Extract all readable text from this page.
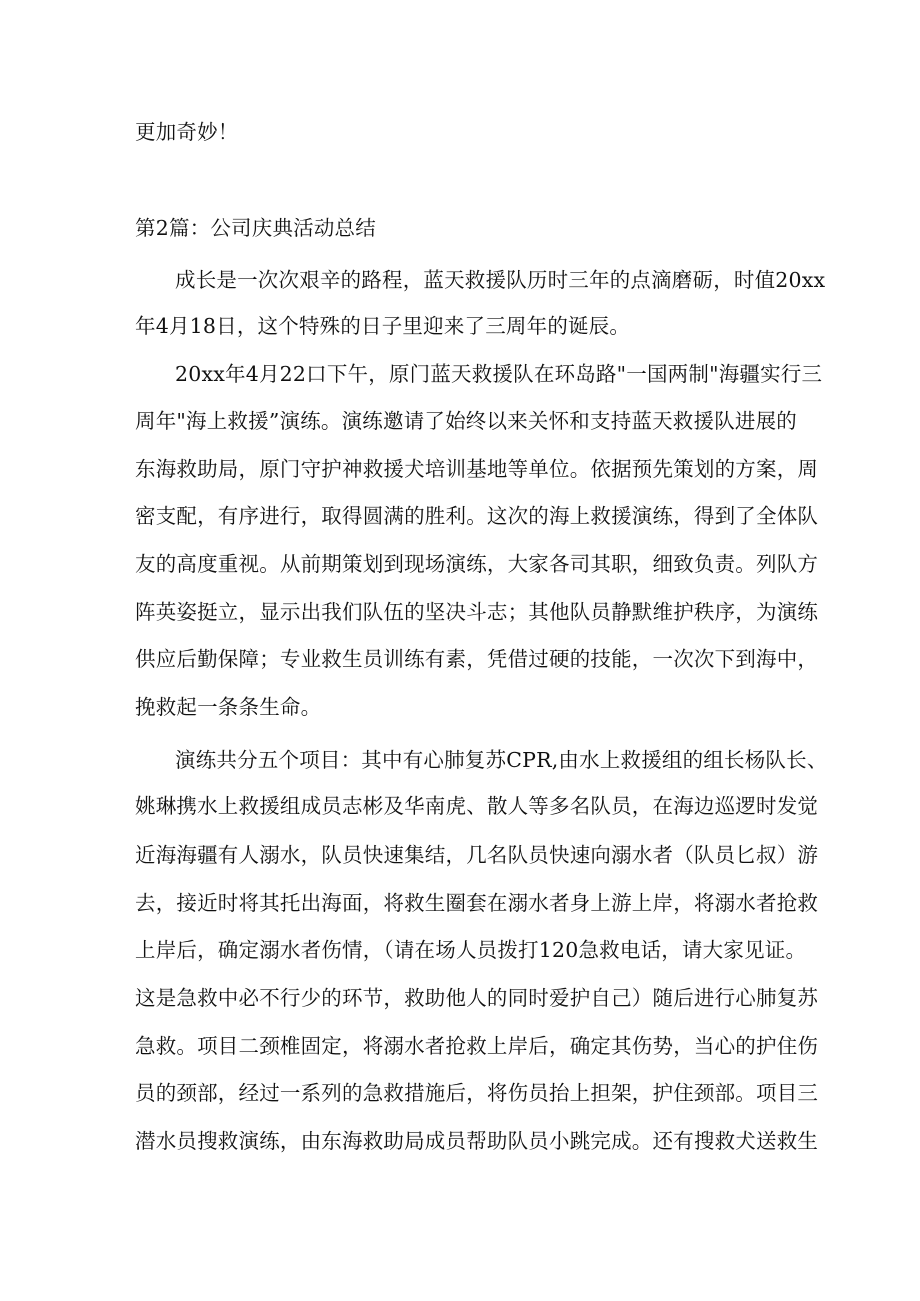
更加奇妙！
第2篇：公司庆典活动总结
成长是一次次艰辛的路程，蓝天救援队历时三年的点滴磨砺，时值20xx
年4月18日，这个特殊的日子里迎来了三周年的诞辰。
20xx年4月22口下午，原门蓝天救援队在环岛路"一国两制"海疆实行三
周年"海上救援”演练。演练邀请了始终以来关怀和支持蓝天救援队进展的
东海救助局，原门守护神救援犬培训基地等单位。依据预先策划的方案，周
密支配，有序进行，取得圆满的胜利。这次的海上救援演练，得到了全体队
友的高度重视。从前期策划到现场演练，大家各司其职，细致负责。列队方
阵英姿挺立，显示出我们队伍的坚决斗志；其他队员静默维护秩序，为演练
供应后勤保障；专业救生员训练有素，凭借过硬的技能，一次次下到海中，
挽救起一条条生命。
演练共分五个项目：其中有心肺复苏CPR,由水上救援组的组长杨队长、
姚琳携水上救援组成员志彬及华南虎、散人等多名队员，在海边巡逻时发觉
近海海疆有人溺水，队员快速集结，几名队员快速向溺水者（队员匕叔）游
去，接近时将其托出海面，将救生圈套在溺水者身上游上岸，将溺水者抢救
上岸后，确定溺水者伤情，（请在场人员拨打120急救电话，请大家见证。
这是急救中必不行少的环节，救助他人的同时爱护自己）随后进行心肺复苏
急救。项目二颈椎固定，将溺水者抢救上岸后，确定其伤势，当心的护住伤
员的颈部，经过一系列的急救措施后，将伤员抬上担架，护住颈部。项目三
潜水员搜救演练，由东海救助局成员帮助队员小跳完成。还有搜救犬送救生
